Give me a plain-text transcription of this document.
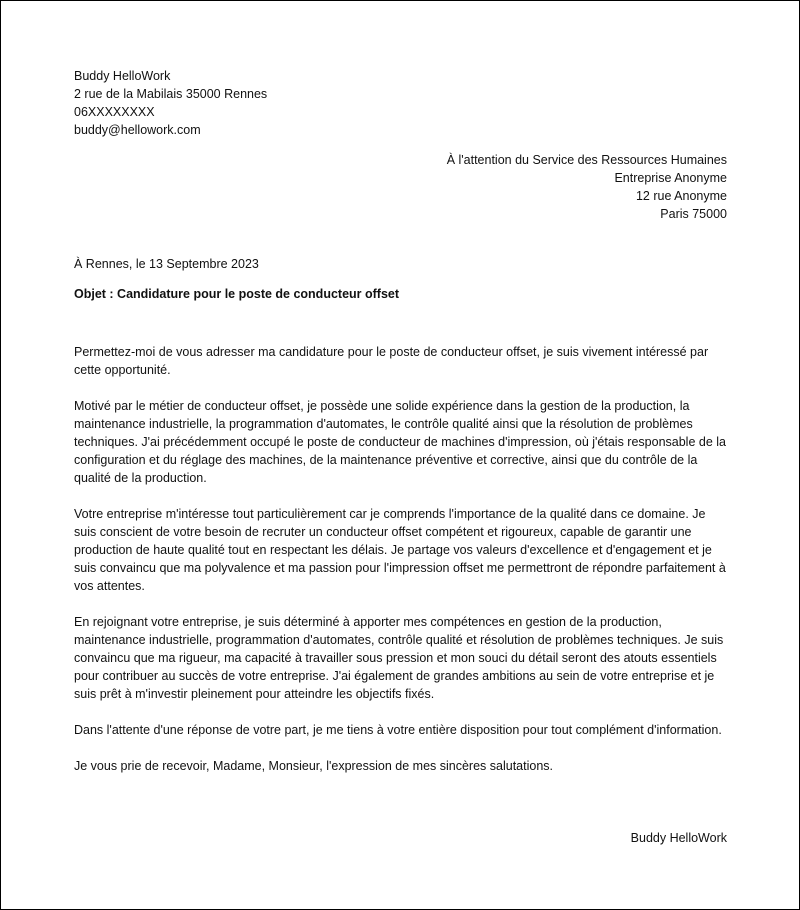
Buddy HelloWork
2 rue de la Mabilais 35000 Rennes
06XXXXXXXX
buddy@hellowork.com
À l'attention du Service des Ressources Humaines
Entreprise Anonyme
12 rue Anonyme
Paris 75000
À Rennes, le 13 Septembre 2023
Objet : Candidature pour le poste de conducteur offset

Permettez-moi de vous adresser ma candidature pour le poste de conducteur offset, je suis vivement intéressé par cette opportunité.

Motivé par le métier de conducteur offset, je possède une solide expérience dans la gestion de la production, la maintenance industrielle, la programmation d'automates, le contrôle qualité ainsi que la résolution de problèmes techniques. J'ai précédemment occupé le poste de conducteur de machines d'impression, où j'étais responsable de la configuration et du réglage des machines, de la maintenance préventive et corrective, ainsi que du contrôle de la qualité de la production.

Votre entreprise m'intéresse tout particulièrement car je comprends l'importance de la qualité dans ce domaine. Je suis conscient de votre besoin de recruter un conducteur offset compétent et rigoureux, capable de garantir une production de haute qualité tout en respectant les délais. Je partage vos valeurs d'excellence et d'engagement et je suis convaincu que ma polyvalence et ma passion pour l'impression offset me permettront de répondre parfaitement à vos attentes.

En rejoignant votre entreprise, je suis déterminé à apporter mes compétences en gestion de la production, maintenance industrielle, programmation d'automates, contrôle qualité et résolution de problèmes techniques. Je suis convaincu que ma rigueur, ma capacité à travailler sous pression et mon souci du détail seront des atouts essentiels pour contribuer au succès de votre entreprise. J'ai également de grandes ambitions au sein de votre entreprise et je suis prêt à m'investir pleinement pour atteindre les objectifs fixés.

Dans l'attente d'une réponse de votre part, je me tiens à votre entière disposition pour tout complément d'information.

Je vous prie de recevoir, Madame, Monsieur, l'expression de mes sincères salutations.

Buddy HelloWork
